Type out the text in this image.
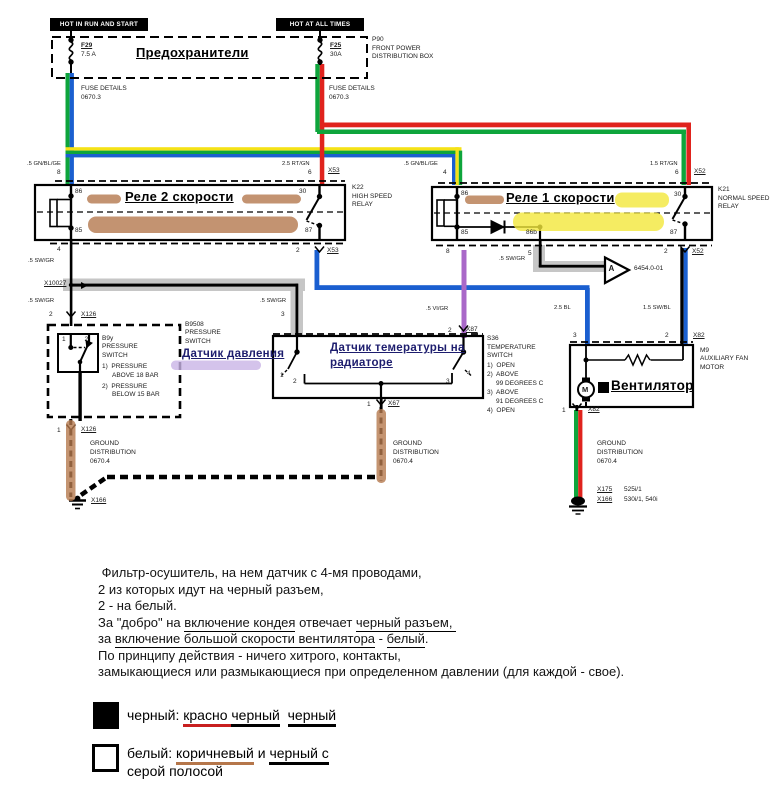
HOT IN RUN AND START	HOT AT ALL TIMES
Предохранители
F29
7.5 A
F25
30A
P90
FRONT POWER
DISTRIBUTION BOX
FUSE DETAILS
0670.3
FUSE DETAILS
0670.3
.5 GN/BL/GE
8
2.5 RT/GN
6	X53
.5 GN/BL/GE
4
1.5 RT/GN
6 X52
Реле 2 скорости
86	30
85	87
K22
HIGH SPEED
RELAY
4
.5 SW/GR
2	X53
X10027
.5 SW/GR
2	X126
.5 SW/GR
3
Реле 1 скорости
86	30
85	86b	87
K21
NORMAL SPEED
RELAY
8	5
.5 SW/GR
2	X52
.5 VI/GR
2 X87
A	6454.0-01
2.5 BL	1.5 SW/BL
1	2 B9y
PRESSURE
SWITCH
1)  PRESSURE
ABOVE 18 BAR
2)  PRESSURE
BELOW 15 BAR
B9508
PRESSURE
SWITCH
Датчик давления
1	X126
GROUND
DISTRIBUTION
0670.4
X166
Датчик темературы на
радиаторе
1
2	3
4
S36
TEMPERATURE
SWITCH
1)  OPEN
2)  ABOVE
99 DEGREES C
3)  ABOVE
91 DEGREES C
4)  OPEN
1	X67
GROUND
DISTRIBUTION
0670.4
3	2	X82
M Вентилятор
M9
AUXILIARY FAN
MOTOR
1	X82
GROUND
DISTRIBUTION
0670.4
X175 525i/1
X166 530i/1, 540i
Фильтр-осушитель, на нем датчик с 4-мя проводами,
2 из которых идут на черный разъем,
2 - на белый.
За "добро" на включение кондея отвечает черный разъем,
за включение большой скорости вентилятора - белый.
По принципу действия - ничего хитрого, контакты,
замыкающиеся или размыкающиеся при определенном давлении (для каждой - свое).
черный: красно черный черный
белый: коричневый и черный с
серой полосой
